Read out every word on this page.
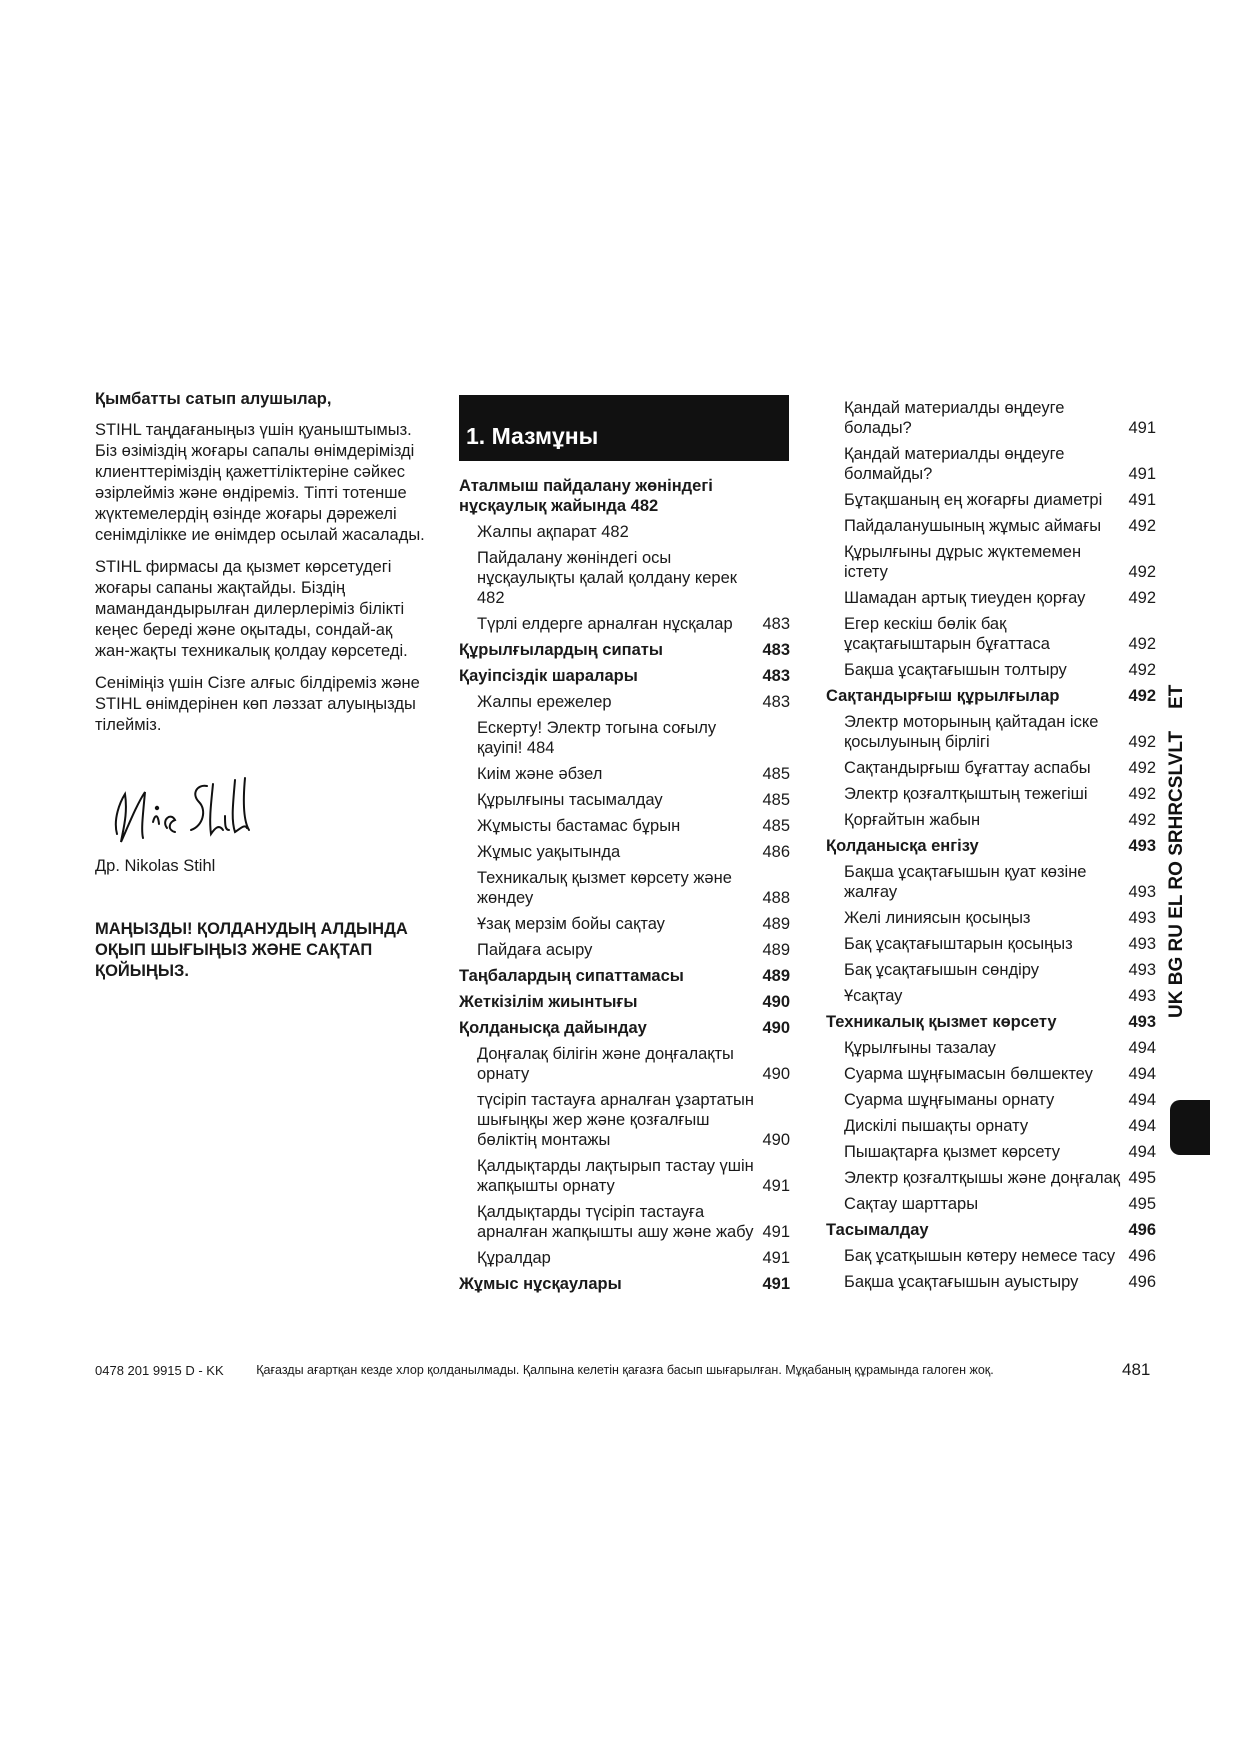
Қымбатты сатып алушылар,

STIHL таңдағаныңыз үшін қуаныштымыз. Біз өзіміздің жоғары сапалы өнімдерімізді клиенттеріміздің қажеттіліктеріне сәйкес әзірлейміз және өндіреміз. Тіпті тотенше жүктемелердің өзінде жоғары дәрежелі сенімділікке ие өнімдер осылай жасалады.

STIHL фирмасы да қызмет көрсетудегі жоғары сапаны жақтайды. Біздің мамандандырылған дилерлеріміз білікті кеңес береді және оқытады, сондай-ақ жан-жақты техникалық қолдау көрсетеді.

Сеніміңіз үшін Сізге алғыс білдіреміз және STIHL өнімдерінен көп ләззат алуыңызды тілейміз.

Др. Nikolas Stihl
МАҢЫЗДЫ! ҚОЛДАНУДЫҢ АЛДЫНДА ОҚЫП ШЫҒЫҢЫЗ ЖӘНЕ САҚТАП ҚОЙЫҢЫЗ.
1. Мазмұны
Аталмыш пайдалану жөніндегі нұсқаулық жайында 482
Жалпы ақпарат 482
Пайдалану жөніндегі осы нұсқаулықты қалай қолдану керек 482
Түрлі елдерге арналған нұсқалар	483
Құрылғылардың сипаты	483
Қауіпсіздік шаралары	483
Жалпы ережелер	483
Ескерту! Электр тогына соғылу қауіпі! 484
Киім және әбзел	485
Құрылғыны тасымалдау	485
Жұмысты бастамас бұрын	485
Жұмыс уақытында	486
Техникалық қызмет көрсету және жөндеу	488
Ұзақ мерзім бойы сақтау	489
Пайдаға асыру	489
Таңбалардың сипаттамасы	489
Жеткізілім жиынтығы	490
Қолданысқа дайындау	490
Доңғалақ білігін және доңғалақты орнату	490
түсіріп тастауға арналған ұзартатын шығыңқы жер және қозғалғыш бөліктің монтажы	490
Қалдықтарды лақтырып тастау үшін жапқышты орнату	491
Қалдықтарды түсіріп тастауға арналған жапқышты ашу және жабу 491
Құралдар	491
Жұмыс нұсқаулары	491
Қандай материалды өңдеуге болады?	491
Қандай материалды өңдеуге болмайды?	491
Бұтақшаның ең жоғарғы диаметрі	491
Пайдаланушының жұмыс аймағы	492
Құрылғыны дұрыс жүктемемен істету	492
Шамадан артық тиеуден қорғау	492
Егер кескіш бөлік бақ ұсақтағыштарын бұғаттаса	492
Бақша ұсақтағышын толтыру	492
Сақтандырғыш құрылғылар	492
Электр моторының қайтадан іске қосылуының бірлігі	492
Сақтандырғыш бұғаттау аспабы	492
Электр қозғалтқыштың тежегіші	492
Қорғайтын жабын	492
Қолданысқа енгізу	493
Бақша ұсақтағышын қуат көзіне жалғау	493
Желі линиясын қосыңыз	493
Бақ ұсақтағыштарын қосыңыз	493
Бақ ұсақтағышын сөндіру	493
Ұсақтау	493
Техникалық қызмет көрсету	493
Құрылғыны тазалау	494
Суарма шұңғымасын бөлшектеу	494
Суарма шұңғыманы орнату	494
Дискілі пышақты орнату	494
Пышақтарға қызмет көрсету	494
Электр қозғалтқышы және доңғалақ 495
Сақтау шарттары	495
Тасымалдау	496
Бақ ұсатқышын көтеру немесе тасу 496
Бақша ұсақтағышын ауыстыру	496
UK BG RU EL RO SRHRCSLVLTET
0478 201 9915 D - KK	Қағазды ағартқан кезде хлор қолданылмады. Қалпына келетін қағазға басып шығарылған. Мұқабаның құрамында галоген жоқ.	481
